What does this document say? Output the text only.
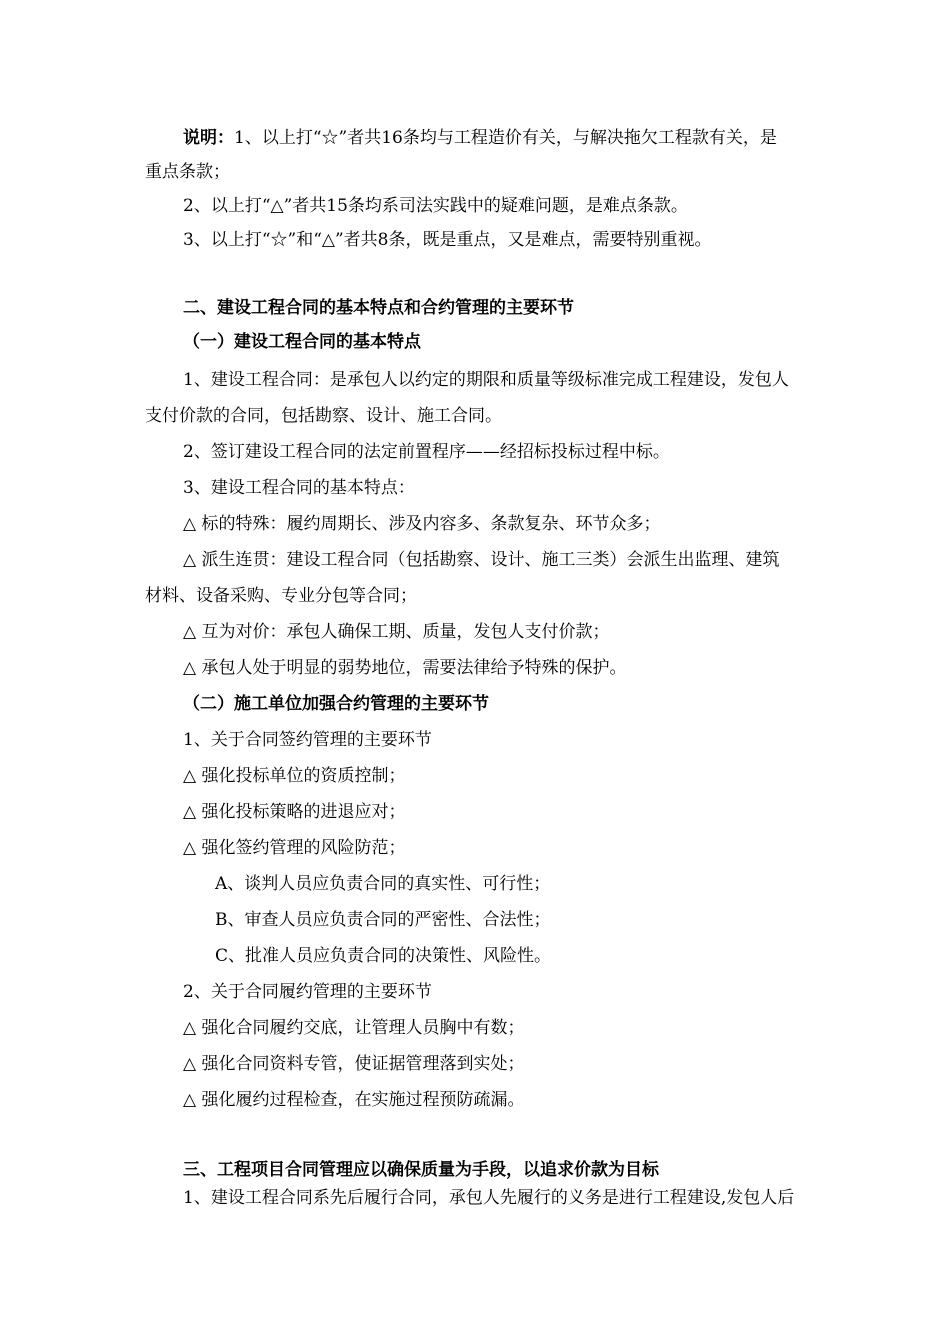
说明：1、以上打“☆”者共16条均与工程造价有关，与解决拖欠工程款有关，是
重点条款；
2、以上打“△”者共15条均系司法实践中的疑难问题，是难点条款。
3、以上打“☆”和“△”者共8条，既是重点，又是难点，需要特别重视。
二、建设工程合同的基本特点和合约管理的主要环节
（一）建设工程合同的基本特点
1、建设工程合同：是承包人以约定的期限和质量等级标准完成工程建设，发包人
支付价款的合同，包括勘察、设计、施工合同。
2、签订建设工程合同的法定前置程序——经招标投标过程中标。
3、建设工程合同的基本特点：
△ 标的特殊：履约周期长、涉及内容多、条款复杂、环节众多；
△ 派生连贯：建设工程合同（包括勘察、设计、施工三类）会派生出监理、建筑
材料、设备采购、专业分包等合同；
△ 互为对价：承包人确保工期、质量，发包人支付价款；
△ 承包人处于明显的弱势地位，需要法律给予特殊的保护。
（二）施工单位加强合约管理的主要环节
1、关于合同签约管理的主要环节
△ 强化投标单位的资质控制；
△ 强化投标策略的进退应对；
△ 强化签约管理的风险防范；
A、谈判人员应负责合同的真实性、可行性；
B、审查人员应负责合同的严密性、合法性；
C、批准人员应负责合同的决策性、风险性。
2、关于合同履约管理的主要环节
△ 强化合同履约交底，让管理人员胸中有数；
△ 强化合同资料专管，使证据管理落到实处；
△ 强化履约过程检查，在实施过程预防疏漏。
三、工程项目合同管理应以确保质量为手段，以追求价款为目标
1、建设工程合同系先后履行合同，承包人先履行的义务是进行工程建设,发包人后
